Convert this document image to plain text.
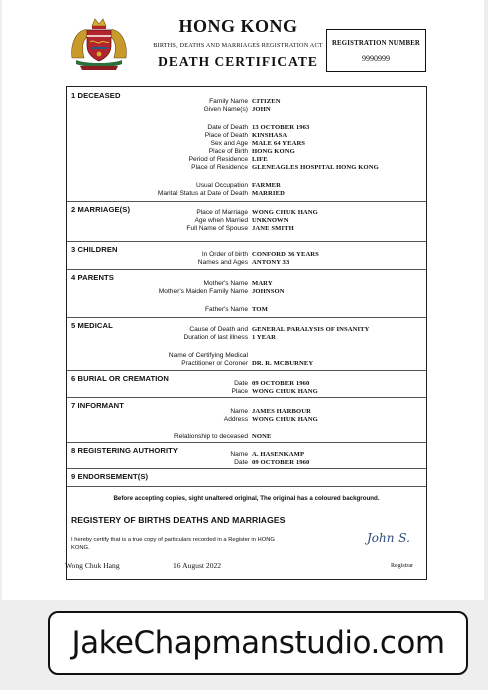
HONG KONG
BIRTHS, DEATHS AND MARRIAGES REGISTRATION ACT
DEATH CERTIFICATE
REGISTRATION NUMBER
9990999
1 DECEASED
Family Name CITIZEN
Given Name(s) JOHN
Date of Death 13 OCTOBER 1963
Place of Death KINSHASA
Sex and Age MALE 64 YEARS
Place of Birth HONG KONG
Period of Residence LIFE
Place of Residence GLENEAGLES HOSPITAL HONG KONG
Usual Occupation FARMER
Marital Status at Date of Death MARRIED
2 MARRIAGE(S)	Place of Marriage WONG CHUK HANG
Age when Married UNKNOWN
Full Name of Spouse JANE SMITH
3 CHILDREN
In Order of birth CONFORD 36 YEARS
Names and Ages ANTONY 33
4 PARENTS
Mother's Name MARY
Mother's Maiden Family Name JOHNSON
Father's Name TOM
5 MEDICAL	Cause of Death and GENERAL PARALYSIS OF INSANITY
Duration of last illness 1 YEAR
Name of Certifying Medical
Practitioner or Coroner DR. R. MCBURNEY
6 BURIAL OR CREMATION
Date 09 OCTOBER 1960
Place WONG CHUK HANG
7 INFORMANT
Name JAMES HARBOUR
Address WONG CHUK HANG
Relationship to deceased NONE
8 REGISTERING AUTHORITY	Name A. HASENKAMP
Date 09 OCTOBER 1960
9 ENDORSEMENT(S)
Before accepting copies, sight unaltered original, The original has a coloured background.
REGISTERY OF BIRTHS DEATHS AND MARRIAGES
I hereby certify that is a true copy of particulars recorded in a Register in HONG KONG.
John S.
Wong Chuk Hang	16 August 2022	Registrar
JakeChapmanstudio.com
